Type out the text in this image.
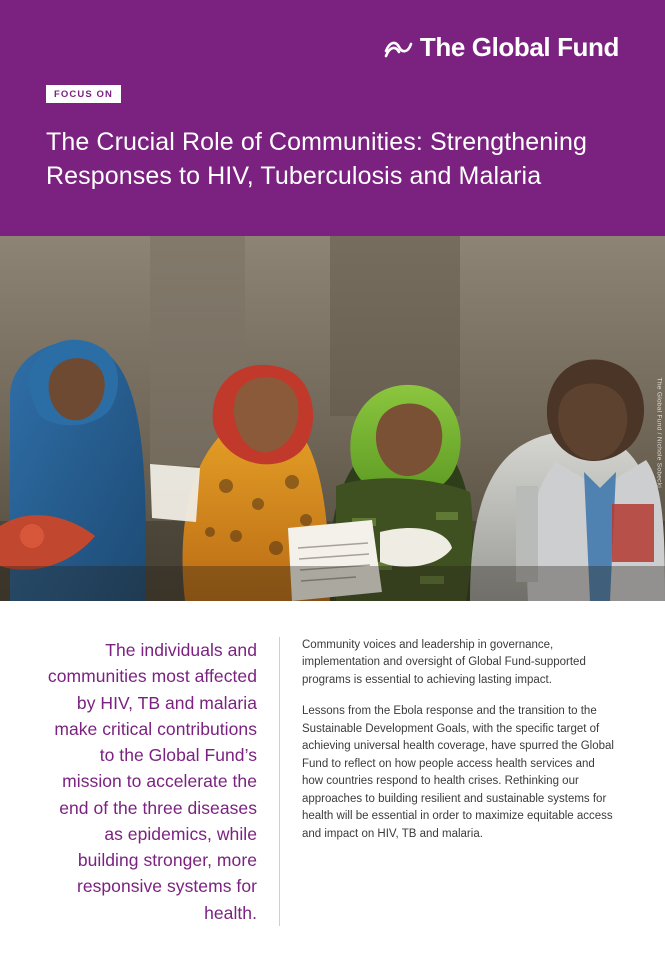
The Global Fund
FOCUS ON
The Crucial Role of Communities: Strengthening Responses to HIV, Tuberculosis and Malaria
The Global Fund / Nichole Sobecki

The individuals and communities most affected by HIV, TB and malaria make critical contributions to the Global Fund’s mission to accelerate the end of the three diseases as epidemics, while building stronger, more responsive systems for health.

Community voices and leadership in governance, implementation and oversight of Global Fund-supported programs is essential to achieving lasting impact.

Lessons from the Ebola response and the transition to the Sustainable Development Goals, with the specific target of achieving universal health coverage, have spurred the Global Fund to reflect on how people access health services and how countries respond to health crises. Rethinking our approaches to building resilient and sustainable systems for health will be essential in order to maximize equitable access and impact on HIV, TB and malaria.
